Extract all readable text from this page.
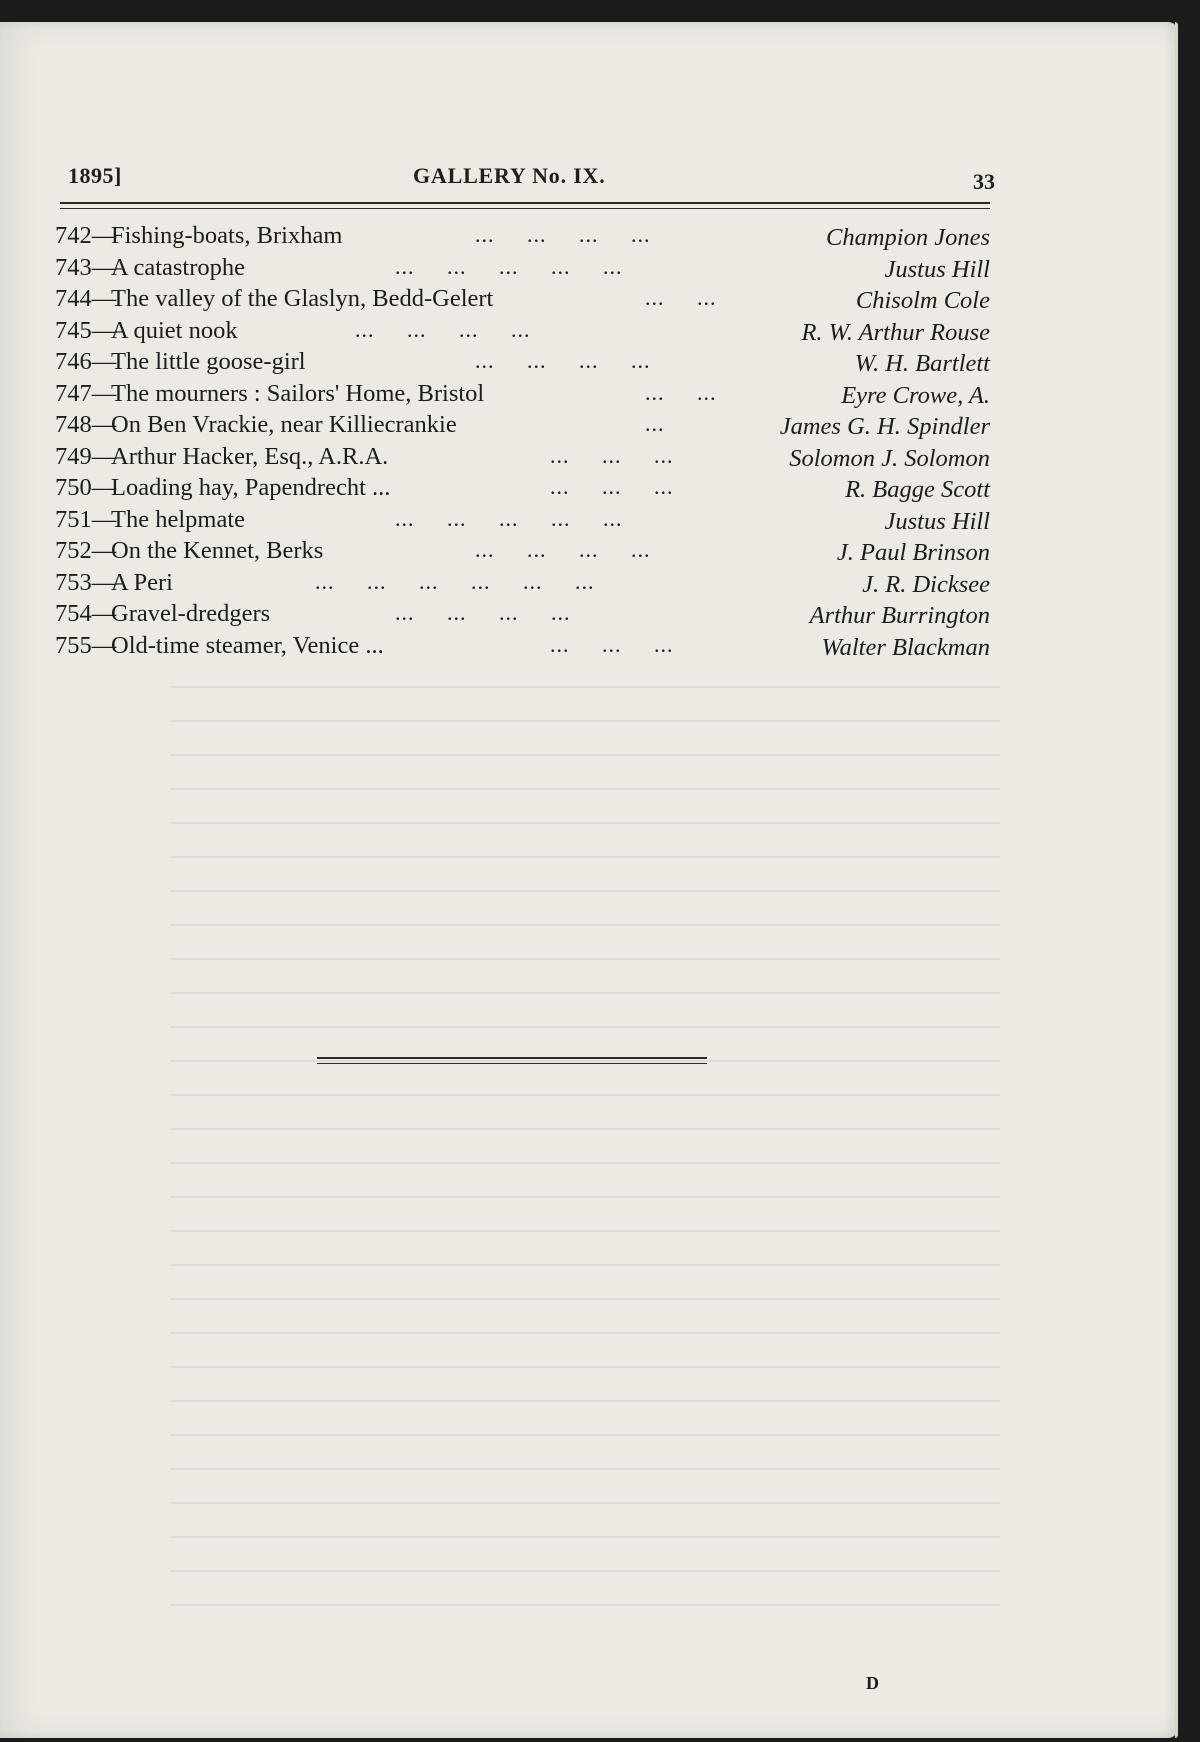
1895]	GALLERY No. IX.	33
742—
Fishing-boats, Brixham	...     ...     ...     ...	Champion Jones
743—
A catastrophe	...     ...     ...     ...     ...	Justus Hill
744—
The valley of the Glaslyn, Bedd-Gelert	...     ...	Chisolm Cole
745—
A quiet nook	...     ...     ...     ...	R. W. Arthur Rouse
746—
The little goose-girl	...     ...     ...     ...	W. H. Bartlett
747—
The mourners : Sailors' Home, Bristol	...     ...	Eyre Crowe, A.
748—
On Ben Vrackie, near Killiecrankie	...	James G. H. Spindler
749—
Arthur Hacker, Esq., A.R.A.	...     ...     ...	Solomon J. Solomon
750—
Loading hay, Papendrecht ...	...     ...     ...	R. Bagge Scott
751—
The helpmate	...     ...     ...     ...     ...	Justus Hill
752—
On the Kennet, Berks	...     ...     ...     ...	J. Paul Brinson
753—
A Peri	...     ...     ...     ...     ...     ...	J. R. Dicksee
754—
Gravel-dredgers	...     ...     ...     ...	Arthur Burrington
755—
Old-time steamer, Venice ...	...     ...     ...	Walter Blackman
D
